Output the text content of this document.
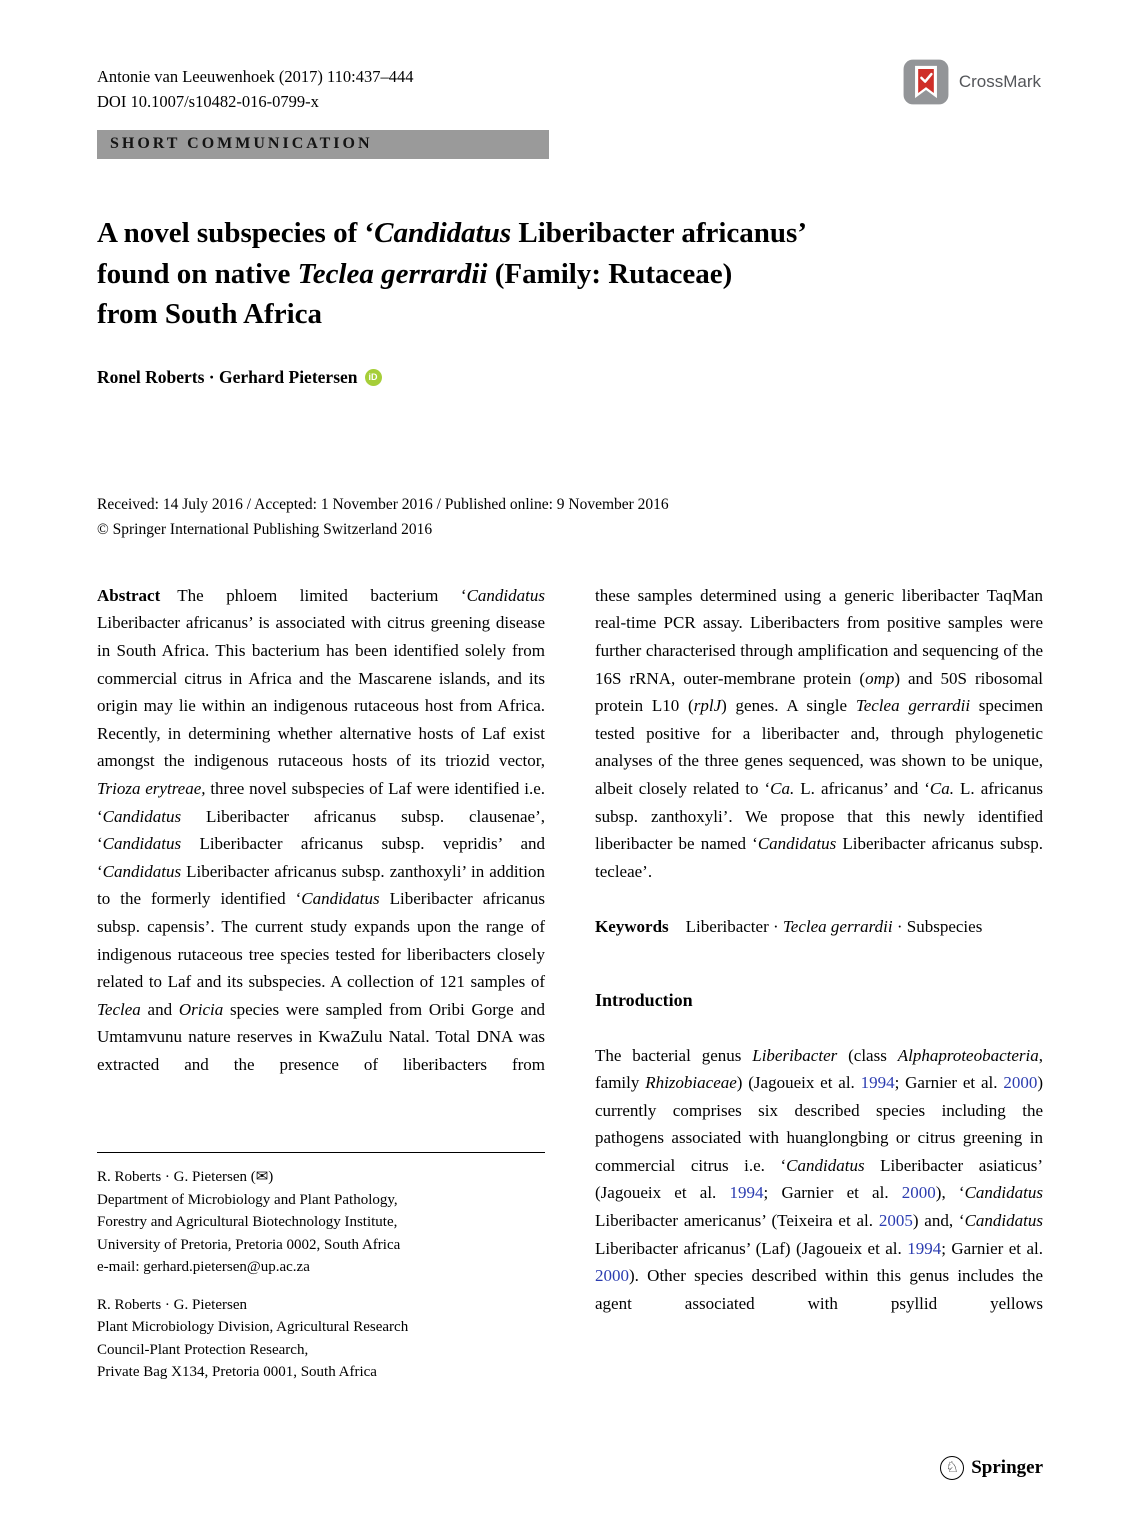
Antonie van Leeuwenhoek (2017) 110:437–444
DOI 10.1007/s10482-016-0799-x
CrossMark
SHORT COMMUNICATION
A novel subspecies of ‘Candidatus Liberibacter africanus’
found on native Teclea gerrardii (Family: Rutaceae)
from South Africa
Ronel Roberts · Gerhard Pietersen	iD
Received: 14 July 2016 / Accepted: 1 November 2016 / Published online: 9 November 2016
© Springer International Publishing Switzerland 2016

Abstract The phloem limited bacterium ‘Candidatus Liberibacter africanus’ is associated with citrus greening disease in South Africa. This bacterium has been identified solely from commercial citrus in Africa and the Mascarene islands, and its origin may lie within an indigenous rutaceous host from Africa. Recently, in determining whether alternative hosts of Laf exist amongst the indigenous rutaceous hosts of its triozid vector, Trioza erytreae, three novel subspecies of Laf were identified i.e. ‘Candidatus Liberibacter africanus subsp. clausenae’, ‘Candidatus Liberibacter africanus subsp. vepridis’ and ‘Candidatus Liberibacter africanus subsp. zanthoxyli’ in addition to the formerly identified ‘Candidatus Liberibacter africanus subsp. capensis’. The current study expands upon the range of indigenous rutaceous tree species tested for liberibacters closely related to Laf and its subspecies. A collection of 121 samples of Teclea and Oricia species were sampled from Oribi Gorge and Umtamvunu nature reserves in KwaZulu Natal. Total DNA was extracted and the presence of liberibacters from

R. Roberts · G. Pietersen (✉)
Department of Microbiology and Plant Pathology,
Forestry and Agricultural Biotechnology Institute,
University of Pretoria, Pretoria 0002, South Africa
e-mail: gerhard.pietersen@up.ac.za
R. Roberts · G. Pietersen
Plant Microbiology Division, Agricultural Research
Council-Plant Protection Research,
Private Bag X134, Pretoria 0001, South Africa

these samples determined using a generic liberibacter TaqMan real-time PCR assay. Liberibacters from positive samples were further characterised through amplification and sequencing of the 16S rRNA, outer-membrane protein (omp) and 50S ribosomal protein L10 (rplJ) genes. A single Teclea gerrardii specimen tested positive for a liberibacter and, through phylogenetic analyses of the three genes sequenced, was shown to be unique, albeit closely related to ‘Ca. L. africanus’ and ‘Ca. L. africanus subsp. zanthoxyli’. We propose that this newly identified liberibacter be named ‘Candidatus Liberibacter africanus subsp. tecleae’.

Keywords Liberibacter · Teclea gerrardii · Subspecies

Introduction

The bacterial genus Liberibacter (class Alphaproteobacteria, family Rhizobiaceae) (Jagoueix et al. 1994; Garnier et al. 2000) currently comprises six described species including the pathogens associated with huanglongbing or citrus greening in commercial citrus i.e. ‘Candidatus Liberibacter asiaticus’ (Jagoueix et al. 1994; Garnier et al. 2000), ‘Candidatus Liberibacter americanus’ (Teixeira et al. 2005) and, ‘Candidatus Liberibacter africanus’ (Laf) (Jagoueix et al. 1994; Garnier et al. 2000). Other species described within this genus includes the agent associated with psyllid yellows

♘ Springer
